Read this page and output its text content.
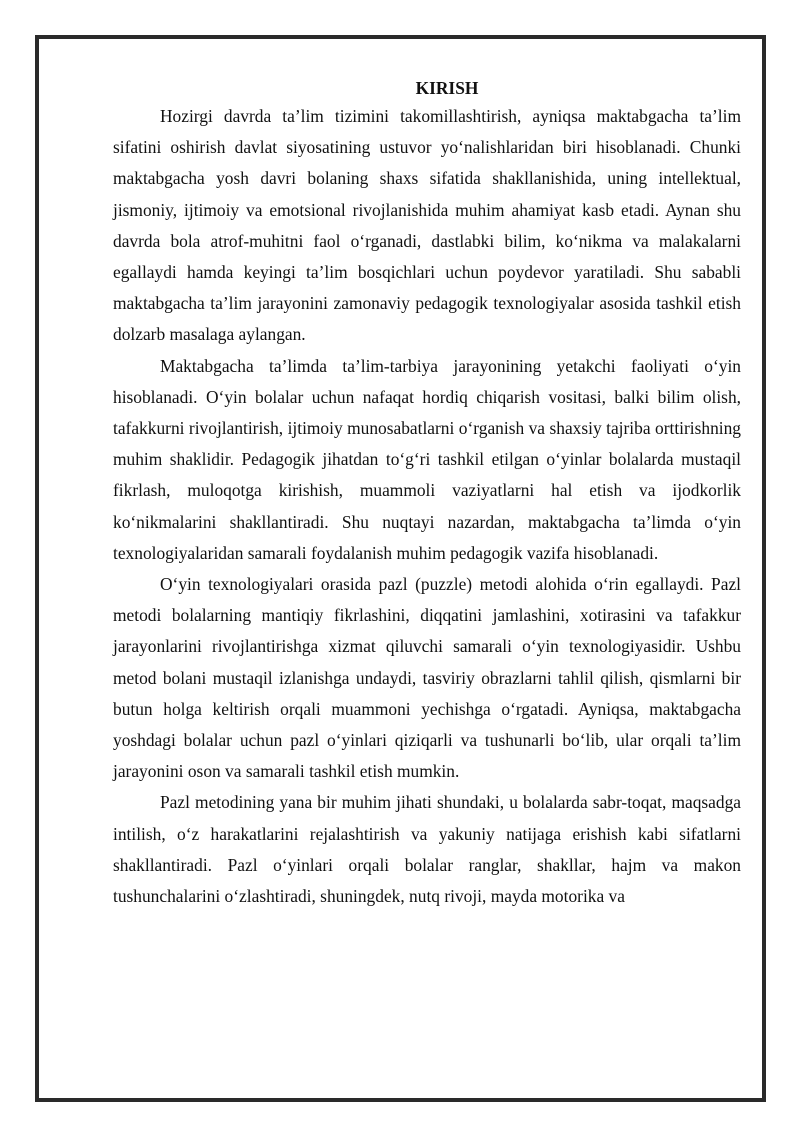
KIRISH

Hozirgi davrda ta’lim tizimini takomillashtirish, ayniqsa maktabgacha ta’lim sifatini oshirish davlat siyosatining ustuvor yo‘nalishlaridan biri hisoblanadi. Chunki maktabgacha yosh davri bolaning shaxs sifatida shakllanishida, uning intellektual, jismoniy, ijtimoiy va emotsional rivojlanishida muhim ahamiyat kasb etadi. Aynan shu davrda bola atrof-muhitni faol o‘rganadi, dastlabki bilim, ko‘nikma va malakalarni egallaydi hamda keyingi ta’lim bosqichlari uchun poydevor yaratiladi. Shu sababli maktabgacha ta’lim jarayonini zamonaviy pedagogik texnologiyalar asosida tashkil etish dolzarb masalaga aylangan.

Maktabgacha ta’limda ta’lim-tarbiya jarayonining yetakchi faoliyati o‘yin hisoblanadi. O‘yin bolalar uchun nafaqat hordiq chiqarish vositasi, balki bilim olish, tafakkurni rivojlantirish, ijtimoiy munosabatlarni o‘rganish va shaxsiy tajriba orttirishning muhim shaklidir. Pedagogik jihatdan to‘g‘ri tashkil etilgan o‘yinlar bolalarda mustaqil fikrlash, muloqotga kirishish, muammoli vaziyatlarni hal etish va ijodkorlik ko‘nikmalarini shakllantiradi. Shu nuqtayi nazardan, maktabgacha ta’limda o‘yin texnologiyalaridan samarali foydalanish muhim pedagogik vazifa hisoblanadi.

O‘yin texnologiyalari orasida pazl (puzzle) metodi alohida o‘rin egallaydi. Pazl metodi bolalarning mantiqiy fikrlashini, diqqatini jamlashini, xotirasini va tafakkur jarayonlarini rivojlantirishga xizmat qiluvchi samarali o‘yin texnologiyasidir. Ushbu metod bolani mustaqil izlanishga undaydi, tasviriy obrazlarni tahlil qilish, qismlarni bir butun holga keltirish orqali muammoni yechishga o‘rgatadi. Ayniqsa, maktabgacha yoshdagi bolalar uchun pazl o‘yinlari qiziqarli va tushunarli bo‘lib, ular orqali ta’lim jarayonini oson va samarali tashkil etish mumkin.

Pazl metodining yana bir muhim jihati shundaki, u bolalarda sabr-toqat, maqsadga intilish, o‘z harakatlarini rejalashtirish va yakuniy natijaga erishish kabi sifatlarni shakllantiradi. Pazl o‘yinlari orqali bolalar ranglar, shakllar, hajm va makon tushunchalarini o‘zlashtiradi, shuningdek, nutq rivoji, mayda motorika va
